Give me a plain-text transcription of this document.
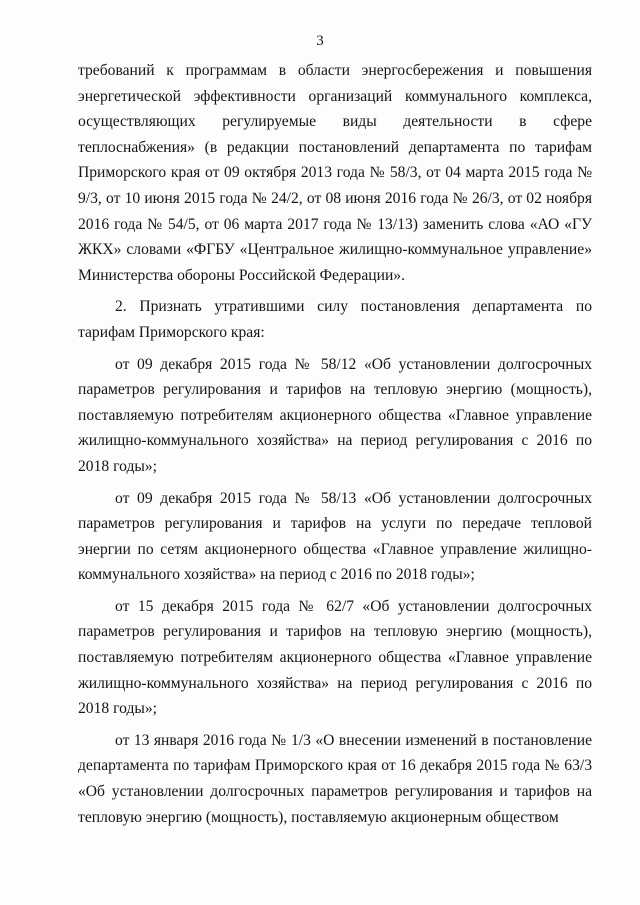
3

требований к программам в области энергосбережения и повышения энергетической эффективности организаций коммунального комплекса, осуществляющих регулируемые виды деятельности в сфере теплоснабжения» (в редакции постановлений департамента по тарифам Приморского края от 09 октября 2013 года № 58/3, от 04 марта 2015 года № 9/3, от 10 июня 2015 года № 24/2, от 08 июня 2016 года № 26/3, от 02 ноября 2016 года № 54/5, от 06 марта 2017 года № 13/13) заменить слова «АО «ГУ ЖКХ» словами «ФГБУ «Центральное жилищно-коммунальное управление» Министерства обороны Российской Федерации».

2. Признать утратившими силу постановления департамента по тарифам Приморского края:

от 09 декабря 2015 года № 58/12 «Об установлении долгосрочных параметров регулирования и тарифов на тепловую энергию (мощность), поставляемую потребителям акционерного общества «Главное управление жилищно-коммунального хозяйства» на период регулирования с 2016 по 2018 годы»;

от 09 декабря 2015 года № 58/13 «Об установлении долгосрочных параметров регулирования и тарифов на услуги по передаче тепловой энергии по сетям акционерного общества «Главное управление жилищно-коммунального хозяйства» на период с 2016 по 2018 годы»;

от 15 декабря 2015 года № 62/7 «Об установлении долгосрочных параметров регулирования и тарифов на тепловую энергию (мощность), поставляемую потребителям акционерного общества «Главное управление жилищно-коммунального хозяйства» на период регулирования с 2016 по 2018 годы»;

от 13 января 2016 года № 1/3 «О внесении изменений в постановление департамента по тарифам Приморского края от 16 декабря 2015 года № 63/3 «Об установлении долгосрочных параметров регулирования и тарифов на тепловую энергию (мощность), поставляемую акционерным обществом
